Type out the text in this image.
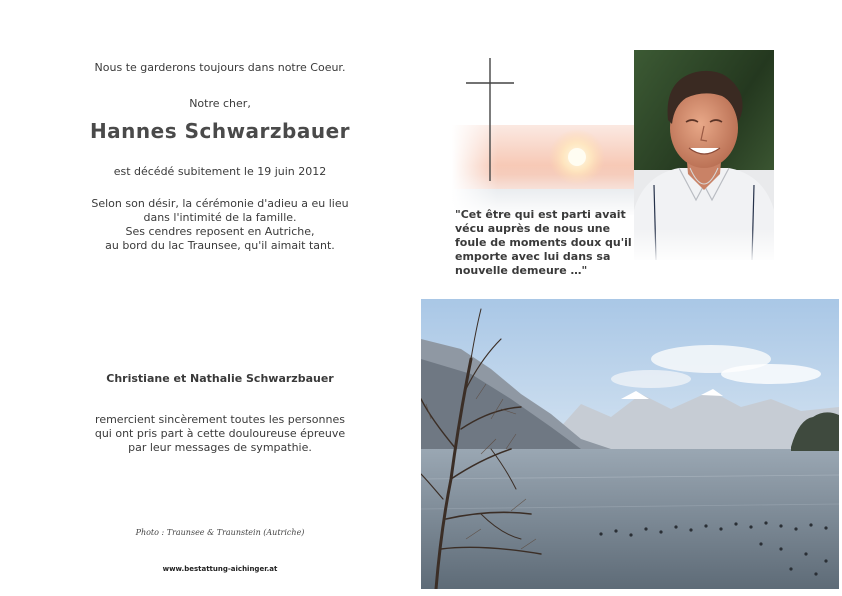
Nous te garderons toujours dans notre Coeur.
Notre cher,
Hannes Schwarzbauer
est décédé subitement le 19 juin 2012
Selon son désir, la cérémonie d'adieu a eu lieu
dans l'intimité de la famille.
Ses cendres reposent en Autriche,
au bord du lac Traunsee, qu'il aimait tant.
Christiane et Nathalie Schwarzbauer
remercient sincèrement toutes les personnes
qui ont pris part à cette douloureuse épreuve
par leur messages de sympathie.
Photo : Traunsee & Traunstein (Autriche)
www.bestattung-aichinger.at
"Cet être qui est parti avait
vécu auprès de nous une
foule de moments doux qu'il
emporte avec lui dans sa
nouvelle demeure …"
